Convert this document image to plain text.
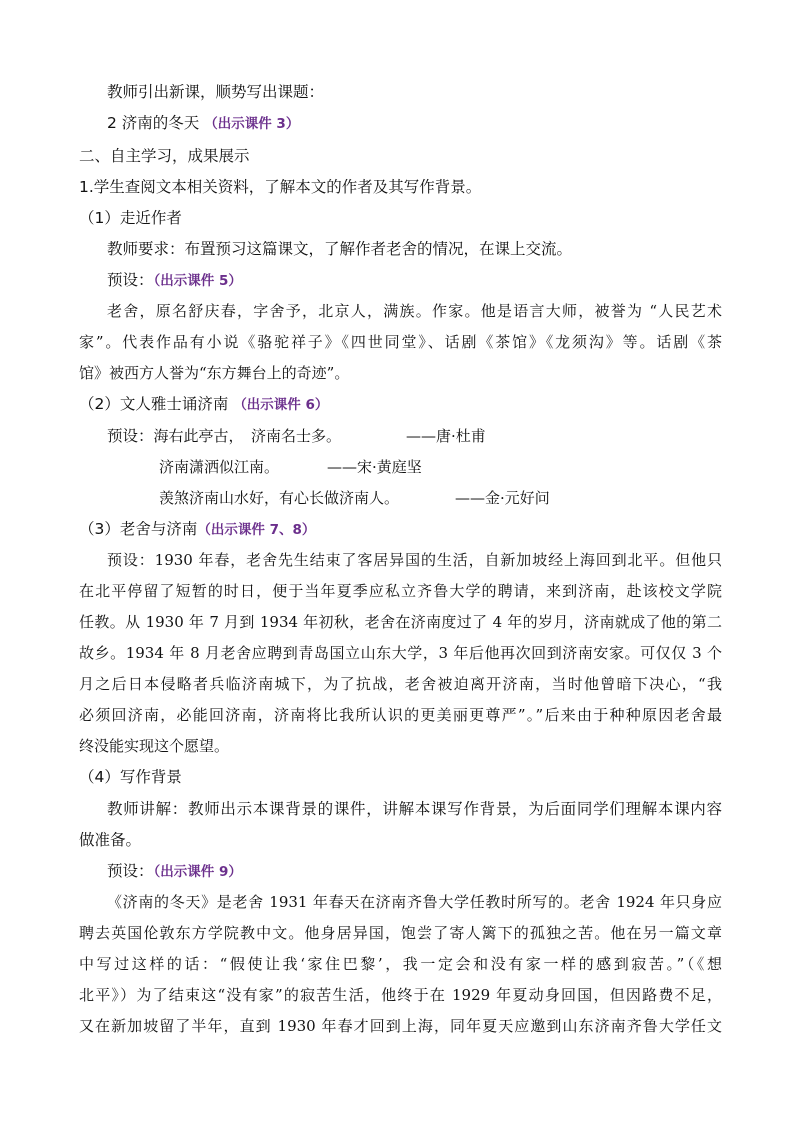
教师引出新课，顺势写出课题：
2 济南的冬天 （出示课件 3）
二、自主学习，成果展示
1.学生查阅文本相关资料，了解本文的作者及其写作背景。
（1）走近作者
教师要求：布置预习这篇课文，了解作者老舍的情况，在课上交流。
预设：（出示课件 5）
老舍，原名舒庆春，字舍予，北京人，满族。作家。他是语言大师，被誉为 “人民艺术
家”。代表作品有小说《骆驼祥子》《四世同堂》、话剧《茶馆》《龙须沟》等。话剧《茶
馆》被西方人誉为“东方舞台上的奇迹”。
（2）文人雅士诵济南 （出示课件 6）
预设：海右此亭古，　济南名士多。	——唐·杜甫
济南潇洒似江南。	——宋·黄庭坚
羡煞济南山水好，有心长做济南人。	——金·元好问
（3）老舍与济南（出示课件 7、8）
预设：1930 年春，老舍先生结束了客居异国的生活，自新加坡经上海回到北平。但他只
在北平停留了短暂的时日，便于当年夏季应私立齐鲁大学的聘请，来到济南，赴该校文学院
任教。从 1930 年 7 月到 1934 年初秋，老舍在济南度过了 4 年的岁月，济南就成了他的第二
故乡。1934 年 8 月老舍应聘到青岛国立山东大学，3 年后他再次回到济南安家。可仅仅 3 个
月之后日本侵略者兵临济南城下，为了抗战，老舍被迫离开济南，当时他曾暗下决心，“我
必须回济南，必能回济南，济南将比我所认识的更美丽更尊严”。”后来由于种种原因老舍最
终没能实现这个愿望。
（4）写作背景
教师讲解：教师出示本课背景的课件，讲解本课写作背景，为后面同学们理解本课内容
做准备。
预设：（出示课件 9）
《济南的冬天》是老舍 1931 年春天在济南齐鲁大学任教时所写的。老舍 1924 年只身应
聘去英国伦敦东方学院教中文。他身居异国，饱尝了寄人篱下的孤独之苦。他在另一篇文章
中写过这样的话：“假使让我‘家住巴黎’，我一定会和没有家一样的感到寂苦。”（《想
北平》）为了结束这“没有家”的寂苦生活，他终于在 1929 年夏动身回国，但因路费不足，
又在新加坡留了半年，直到 1930 年春才回到上海，同年夏天应邀到山东济南齐鲁大学任文
